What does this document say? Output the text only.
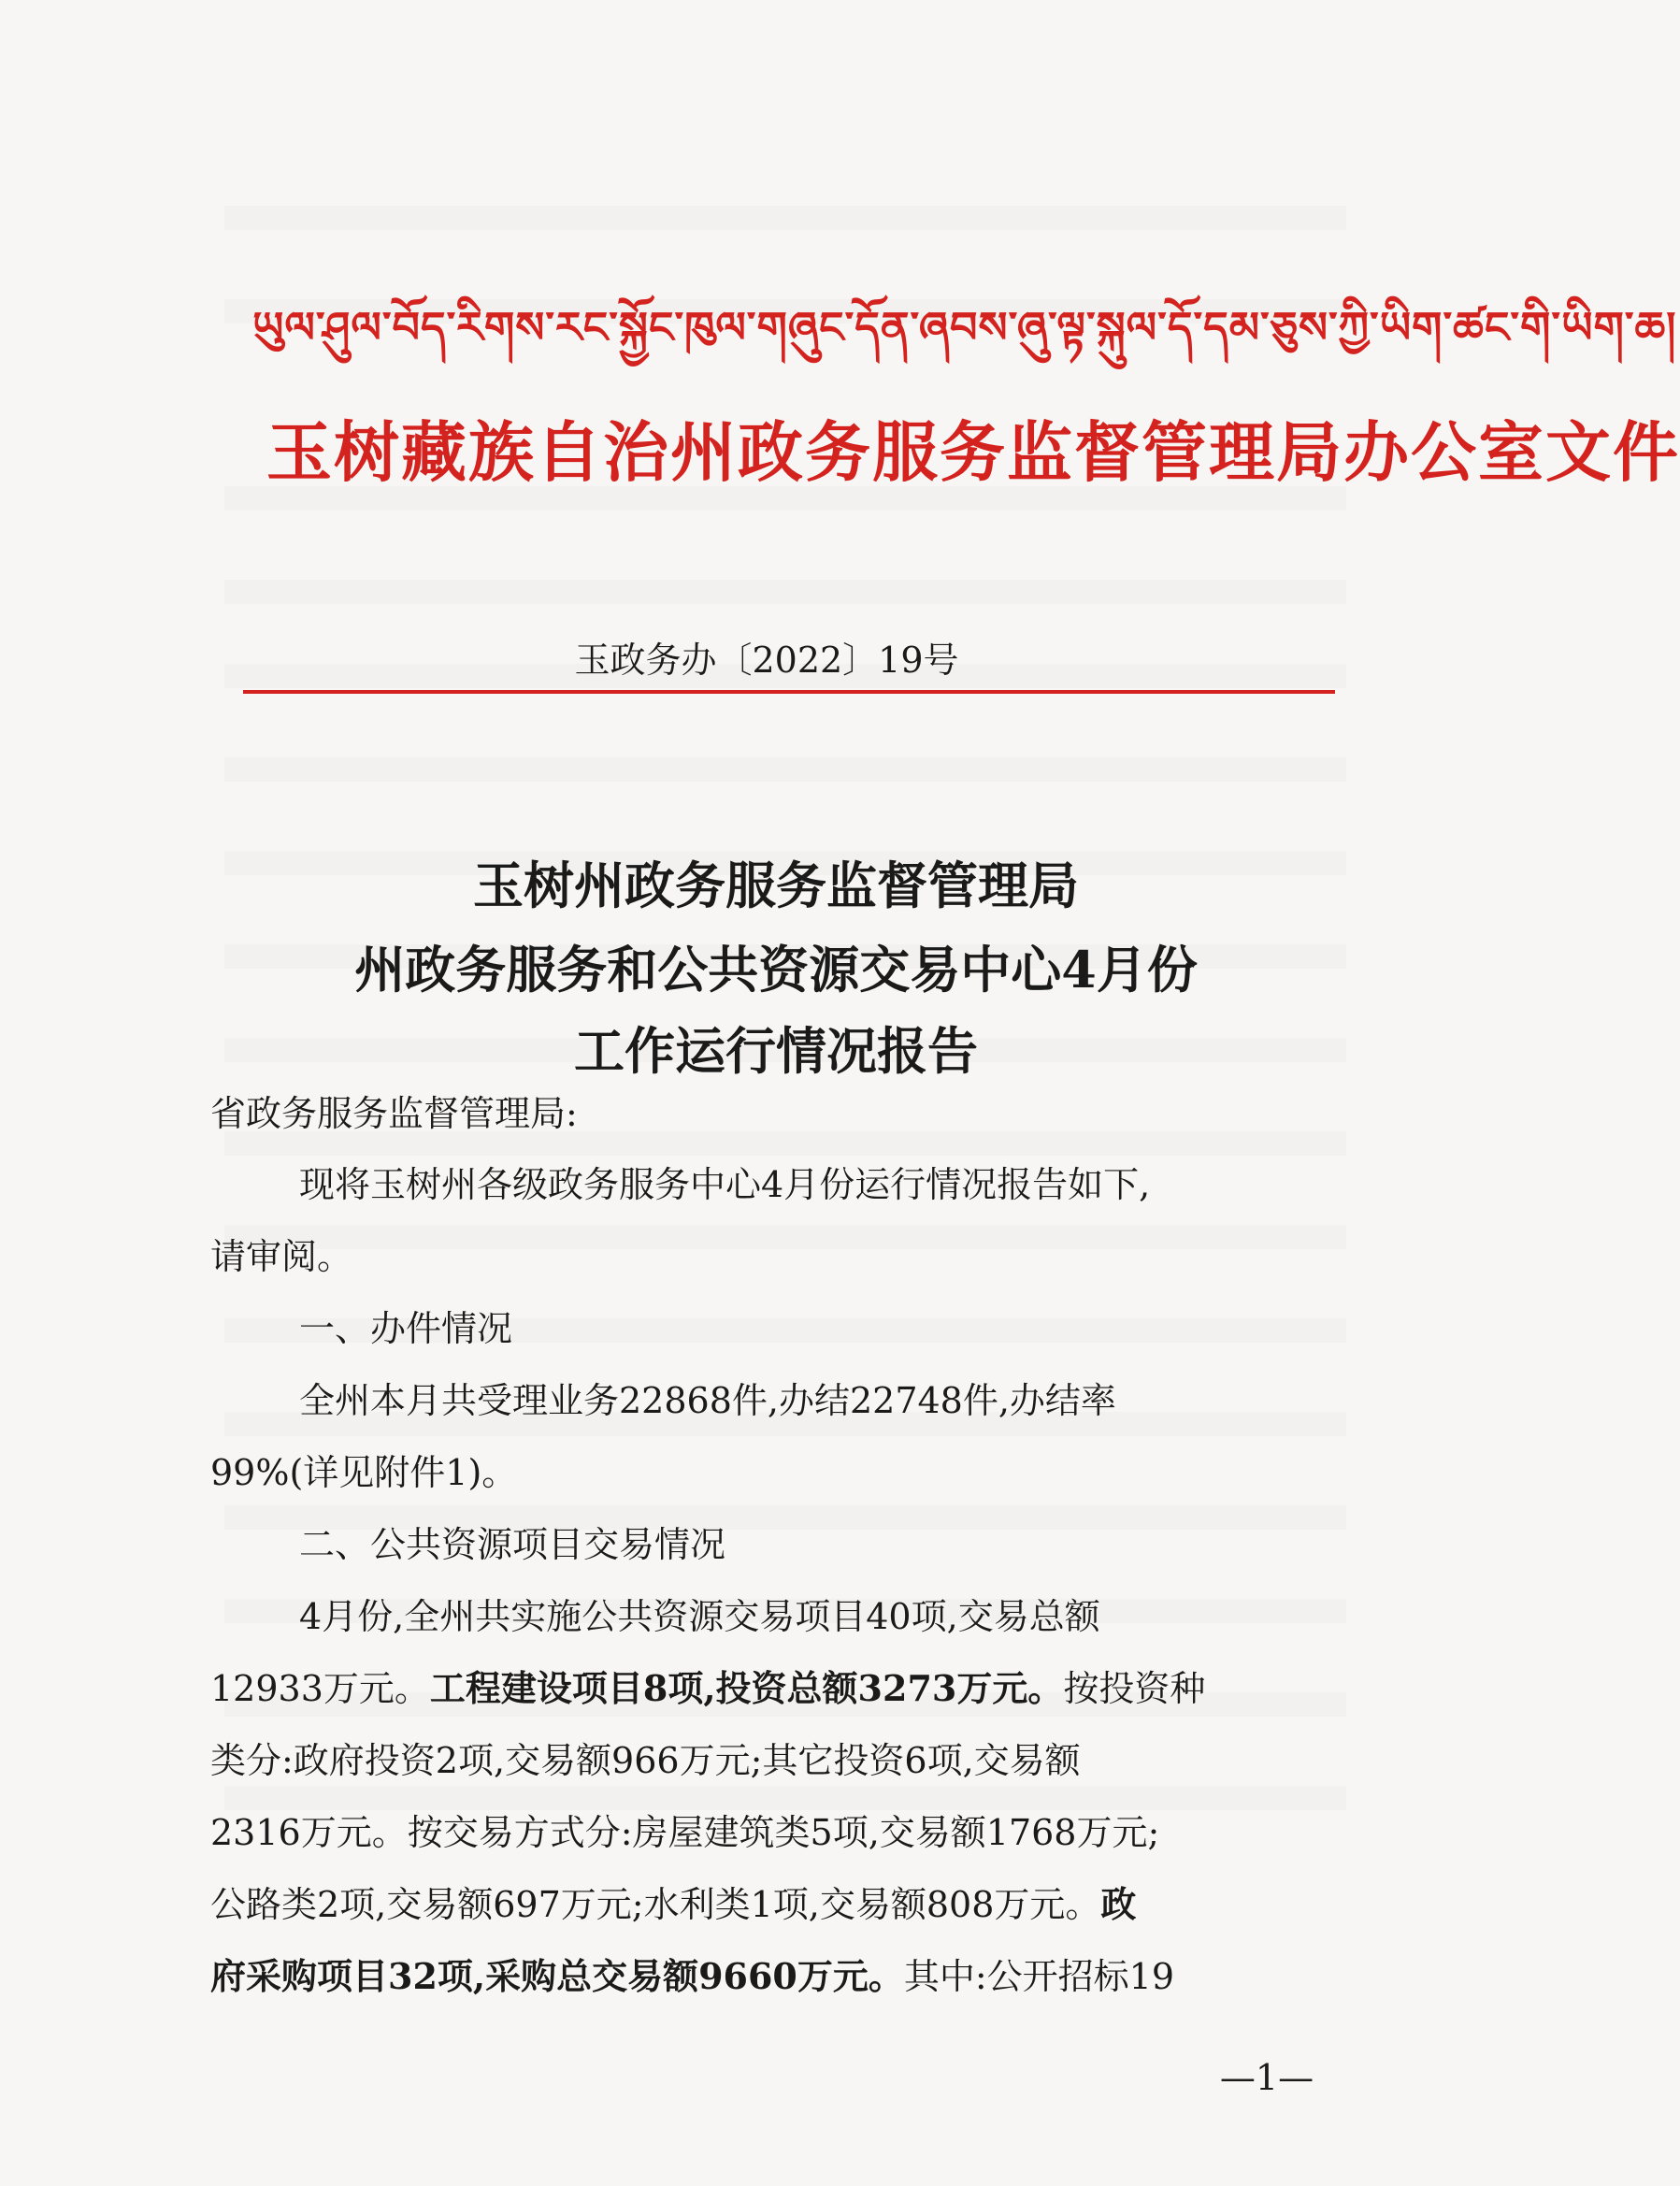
ཡུལ་ཤུལ་བོད་རིགས་རང་སྐྱོང་ཁུལ་གཞུང་དོན་ཞབས་ཞུ་ལྟ་སྐུལ་དོ་དམ་ཅུས་ཀྱི་ཡིག་ཚང་གི་ཡིག་ཆ།
玉树藏族自治州政务服务监督管理局办公室文件
玉政务办〔2022〕19号
玉树州政务服务监督管理局
州政务服务和公共资源交易中心4月份
工作运行情况报告
省政务服务监督管理局:
现将玉树州各级政务服务中心4月份运行情况报告如下,
请审阅。
一、办件情况
全州本月共受理业务22868件,办结22748件,办结率
99%(详见附件1)。
二、公共资源项目交易情况
4月份,全州共实施公共资源交易项目40项,交易总额
12933万元。工程建设项目8项,投资总额3273万元。按投资种
类分:政府投资2项,交易额966万元;其它投资6项,交易额
2316万元。按交易方式分:房屋建筑类5项,交易额1768万元;
公路类2项,交易额697万元;水利类1项,交易额808万元。政
府采购项目32项,采购总交易额9660万元。其中:公开招标19
—1—
